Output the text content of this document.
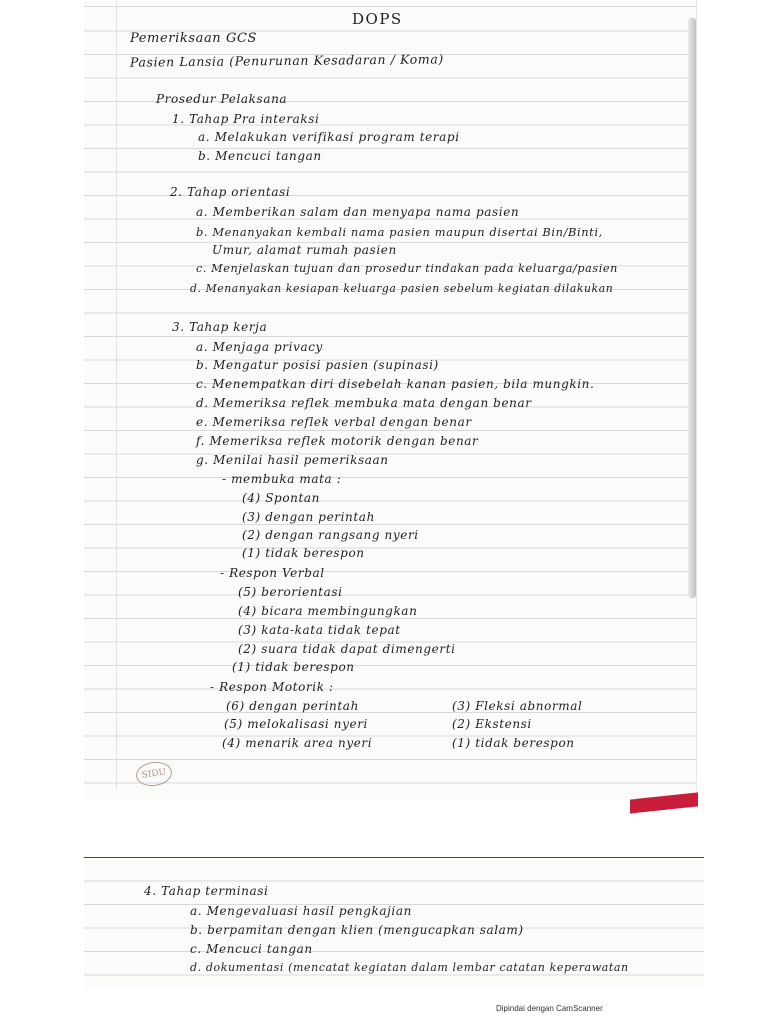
DOPS
Pemeriksaan GCS
Pasien Lansia (Penurunan Kesadaran / Koma)
Prosedur Pelaksana
1. Tahap Pra interaksi
a. Melakukan verifikasi program terapi
b. Mencuci tangan
2. Tahap orientasi
a. Memberikan salam dan menyapa nama pasien
b. Menanyakan kembali nama pasien maupun disertai Bin/Binti,
Umur, alamat rumah pasien
c. Menjelaskan tujuan dan prosedur tindakan pada keluarga/pasien
d. Menanyakan kesiapan keluarga pasien sebelum kegiatan dilakukan
3. Tahap kerja
a. Menjaga privacy
b. Mengatur posisi pasien (supinasi)
c. Menempatkan diri disebelah kanan pasien, bila mungkin.
d. Memeriksa reflek membuka mata dengan benar
e. Memeriksa reflek verbal dengan benar
f. Memeriksa reflek motorik dengan benar
g. Menilai hasil pemeriksaan
- membuka mata :
(4) Spontan
(3) dengan perintah
(2) dengan rangsang nyeri
(1) tidak berespon
- Respon Verbal
(5) berorientasi
(4) bicara membingungkan
(3) kata-kata tidak tepat
(2) suara tidak dapat dimengerti
(1) tidak berespon
- Respon Motorik :
(6) dengan perintah
(5) melokalisasi nyeri
(4) menarik area nyeri
(3) Fleksi abnormal
(2) Ekstensi
(1) tidak berespon
SIDU
4. Tahap terminasi
a. Mengevaluasi hasil pengkajian
b. berpamitan dengan klien (mengucapkan salam)
c. Mencuci tangan
d. dokumentasi (mencatat kegiatan dalam lembar catatan keperawatan
Dipindai dengan CamScanner
